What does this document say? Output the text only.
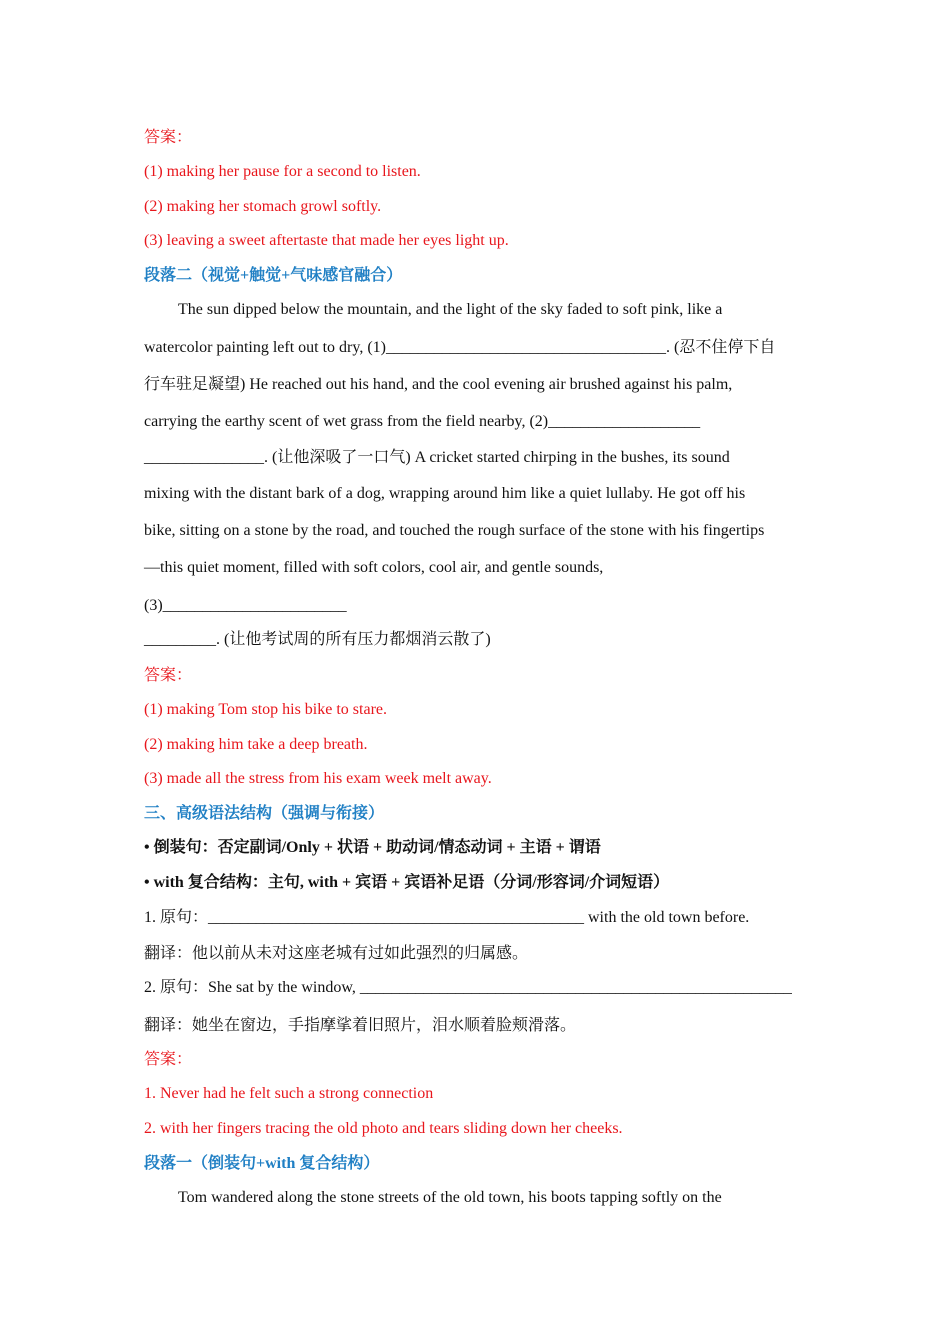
答案：
(1) making her pause for a second to listen.
(2) making her stomach growl softly.
(3) leaving a sweet aftertaste that made her eyes light up.
段落二（视觉+触觉+气味感官融合）
The sun dipped below the mountain, and the light of the sky faded to soft pink, like a
watercolor painting left out to dry, (1)___________________________________. (忍不住停下自
行车驻足凝望) He reached out his hand, and the cool evening air brushed against his palm,
carrying the earthy scent of wet grass from the field nearby, (2)___________________
_______________. (让他深吸了一口气) A cricket started chirping in the bushes, its sound
mixing with the distant bark of a dog, wrapping around him like a quiet lullaby. He got off his
bike, sitting on a stone by the road, and touched the rough surface of the stone with his fingertips
—this quiet moment, filled with soft colors, cool air, and gentle sounds,
(3)_______________________
_________. (让他考试周的所有压力都烟消云散了)
答案：
(1) making Tom stop his bike to stare.
(2) making him take a deep breath.
(3) made all the stress from his exam week melt away.
三、高级语法结构（强调与衔接）
• 倒装句：否定副词/Only + 状语 + 助动词/情态动词 + 主语 + 谓语
• with 复合结构：主句, with + 宾语 + 宾语补足语（分词/形容词/介词短语）
1. 原句：_______________________________________________ with the old town before.
翻译：他以前从未对这座老城有过如此强烈的归属感。
2. 原句：She sat by the window, ______________________________________________________
翻译：她坐在窗边，手指摩挲着旧照片，泪水顺着脸颊滑落。
答案：
1. Never had he felt such a strong connection
2. with her fingers tracing the old photo and tears sliding down her cheeks.
段落一（倒装句+with 复合结构）
Tom wandered along the stone streets of the old town, his boots tapping softly on the
